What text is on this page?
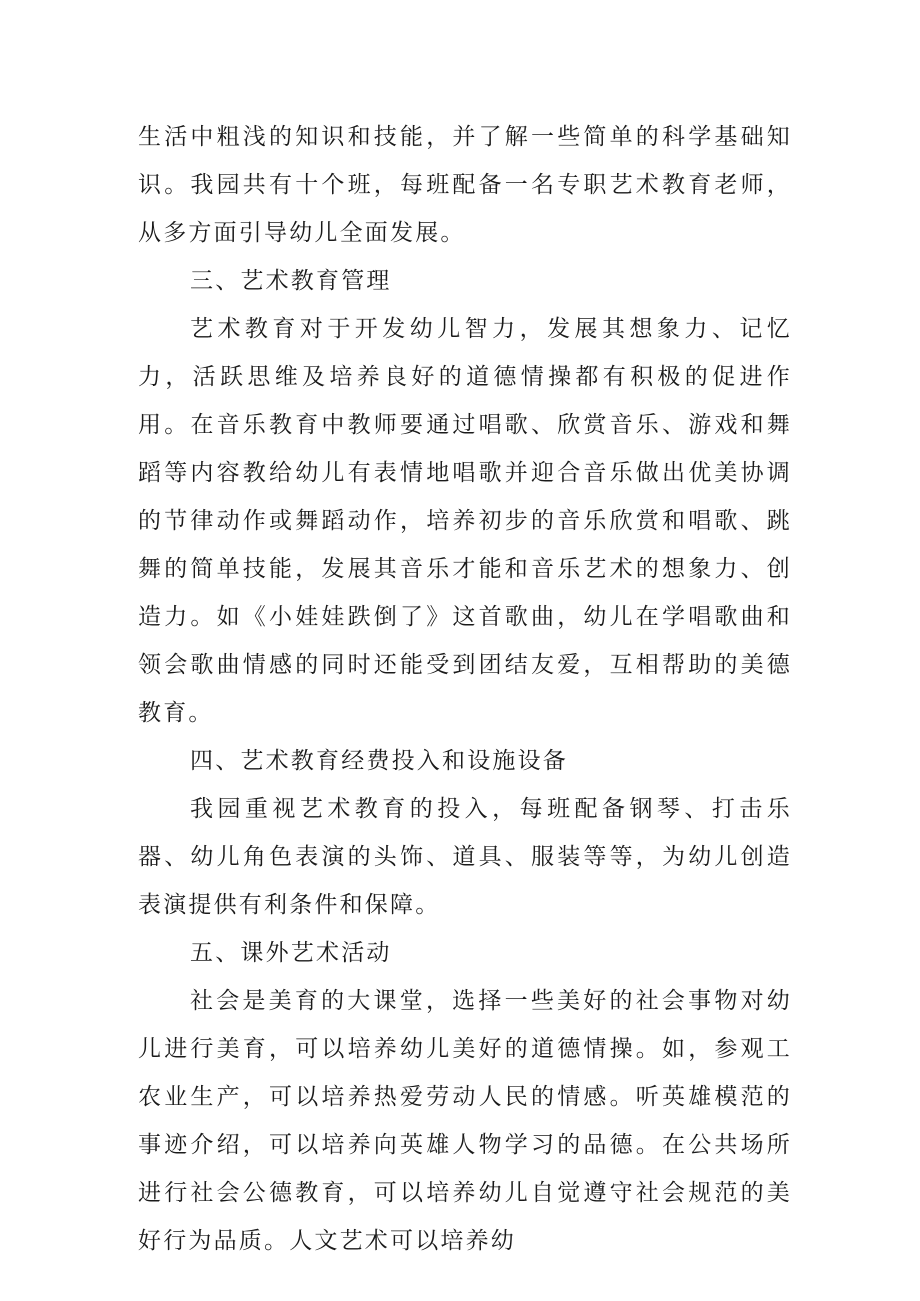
生活中粗浅的知识和技能，并了解一些简单的科学基础知识。我园共有十个班，每班配备一名专职艺术教育老师，从多方面引导幼儿全面发展。

三、艺术教育管理

艺术教育对于开发幼儿智力，发展其想象力、记忆力，活跃思维及培养良好的道德情操都有积极的促进作用。在音乐教育中教师要通过唱歌、欣赏音乐、游戏和舞蹈等内容教给幼儿有表情地唱歌并迎合音乐做出优美协调的节律动作或舞蹈动作，培养初步的音乐欣赏和唱歌、跳舞的简单技能，发展其音乐才能和音乐艺术的想象力、创造力。如《小娃娃跌倒了》这首歌曲，幼儿在学唱歌曲和领会歌曲情感的同时还能受到团结友爱，互相帮助的美德教育。

四、艺术教育经费投入和设施设备

我园重视艺术教育的投入，每班配备钢琴、打击乐器、幼儿角色表演的头饰、道具、服装等等，为幼儿创造表演提供有利条件和保障。

五、课外艺术活动

社会是美育的大课堂，选择一些美好的社会事物对幼儿进行美育，可以培养幼儿美好的道德情操。如，参观工农业生产，可以培养热爱劳动人民的情感。听英雄模范的事迹介绍，可以培养向英雄人物学习的品德。在公共场所进行社会公德教育，可以培养幼儿自觉遵守社会规范的美好行为品质。人文艺术可以培养幼
